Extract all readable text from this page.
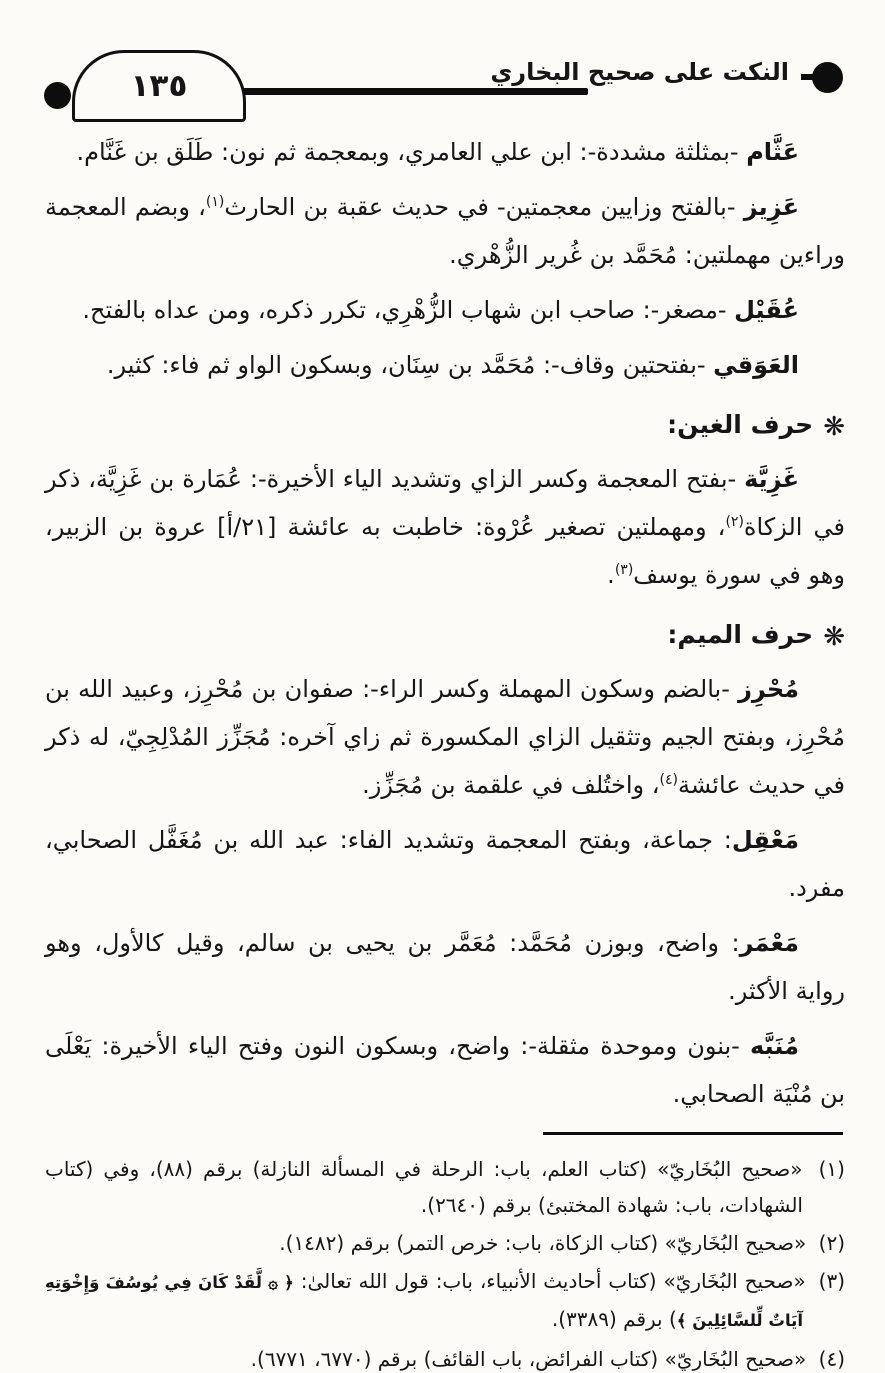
١٣٥	النكت على صحيح البخاري

عَثَّام -بمثلثة مشددة-: ابن علي العامري، وبمعجمة ثم نون: طَلَق بن غَنَّام.

عَزِيز -بالفتح وزايين معجمتين- في حديث عقبة بن الحارث$^{(١)}$، وبضم المعجمة وراءين مهملتين: مُحَمَّد بن غُرير الزُّهْري.

عُقَيْل -مصغر-: صاحب ابن شهاب الزُّهْرِي، تكرر ذكره، ومن عداه بالفتح.

العَوَقي -بفتحتين وقاف-: مُحَمَّد بن سِنَان، وبسكون الواو ثم فاء: كثير.

❋حرف الغين:

غَزِيَّة -بفتح المعجمة وكسر الزاي وتشديد الياء الأخيرة-: عُمَارة بن غَزِيَّة، ذكر في الزكاة$^{(٢)}$، ومهملتين تصغير عُرْوة: خاطبت به عائشة [٢١/أ] عروة بن الزبير، وهو في سورة يوسف$^{(٣)}$.

❋حرف الميم:

مُحْرِز -بالضم وسكون المهملة وكسر الراء-: صفوان بن مُحْرِز، وعبيد الله بن مُحْرِز، وبفتح الجيم وتثقيل الزاي المكسورة ثم زاي آخره: مُجَزِّز المُدْلِجِيّ، له ذكر في حديث عائشة$^{(٤)}$، واختُلف في علقمة بن مُجَزِّز.

مَعْقِل: جماعة، وبفتح المعجمة وتشديد الفاء: عبد الله بن مُغَفَّل الصحابي، مفرد.

مَعْمَر: واضح، وبوزن مُحَمَّد: مُعَمَّر بن يحيى بن سالم، وقيل كالأول، وهو رواية الأكثر.

مُنَبَّه -بنون وموحدة مثقلة-: واضح، وبسكون النون وفتح الياء الأخيرة: يَعْلَى بن مُنْيَة الصحابي.

(١) «صحيح البُخَاريّ» (كتاب العلم، باب: الرحلة في المسألة النازلة) برقم (٨٨)، وفي (كتاب الشهادات، باب: شهادة المختبئ) برقم (٢٦٤٠).
(٢) «صحيح البُخَاريّ» (كتاب الزكاة، باب: خرص التمر) برقم (١٤٨٢).
(٣) «صحيح البُخَاريّ» (كتاب أحاديث الأنبياء، باب: قول الله تعالىٰ: ﴿ ۞ لَّقَدْ كَانَ فِي يُوسُفَ وَإِخْوَتِهِ آيَاتٌ لِّلسَّائِلِينَ ﴾) برقم (٣٣٨٩).
(٤) «صحيح البُخَاريّ» (كتاب الفرائض، باب القائف) برقم (٦٧٧٠، ٦٧٧١).
